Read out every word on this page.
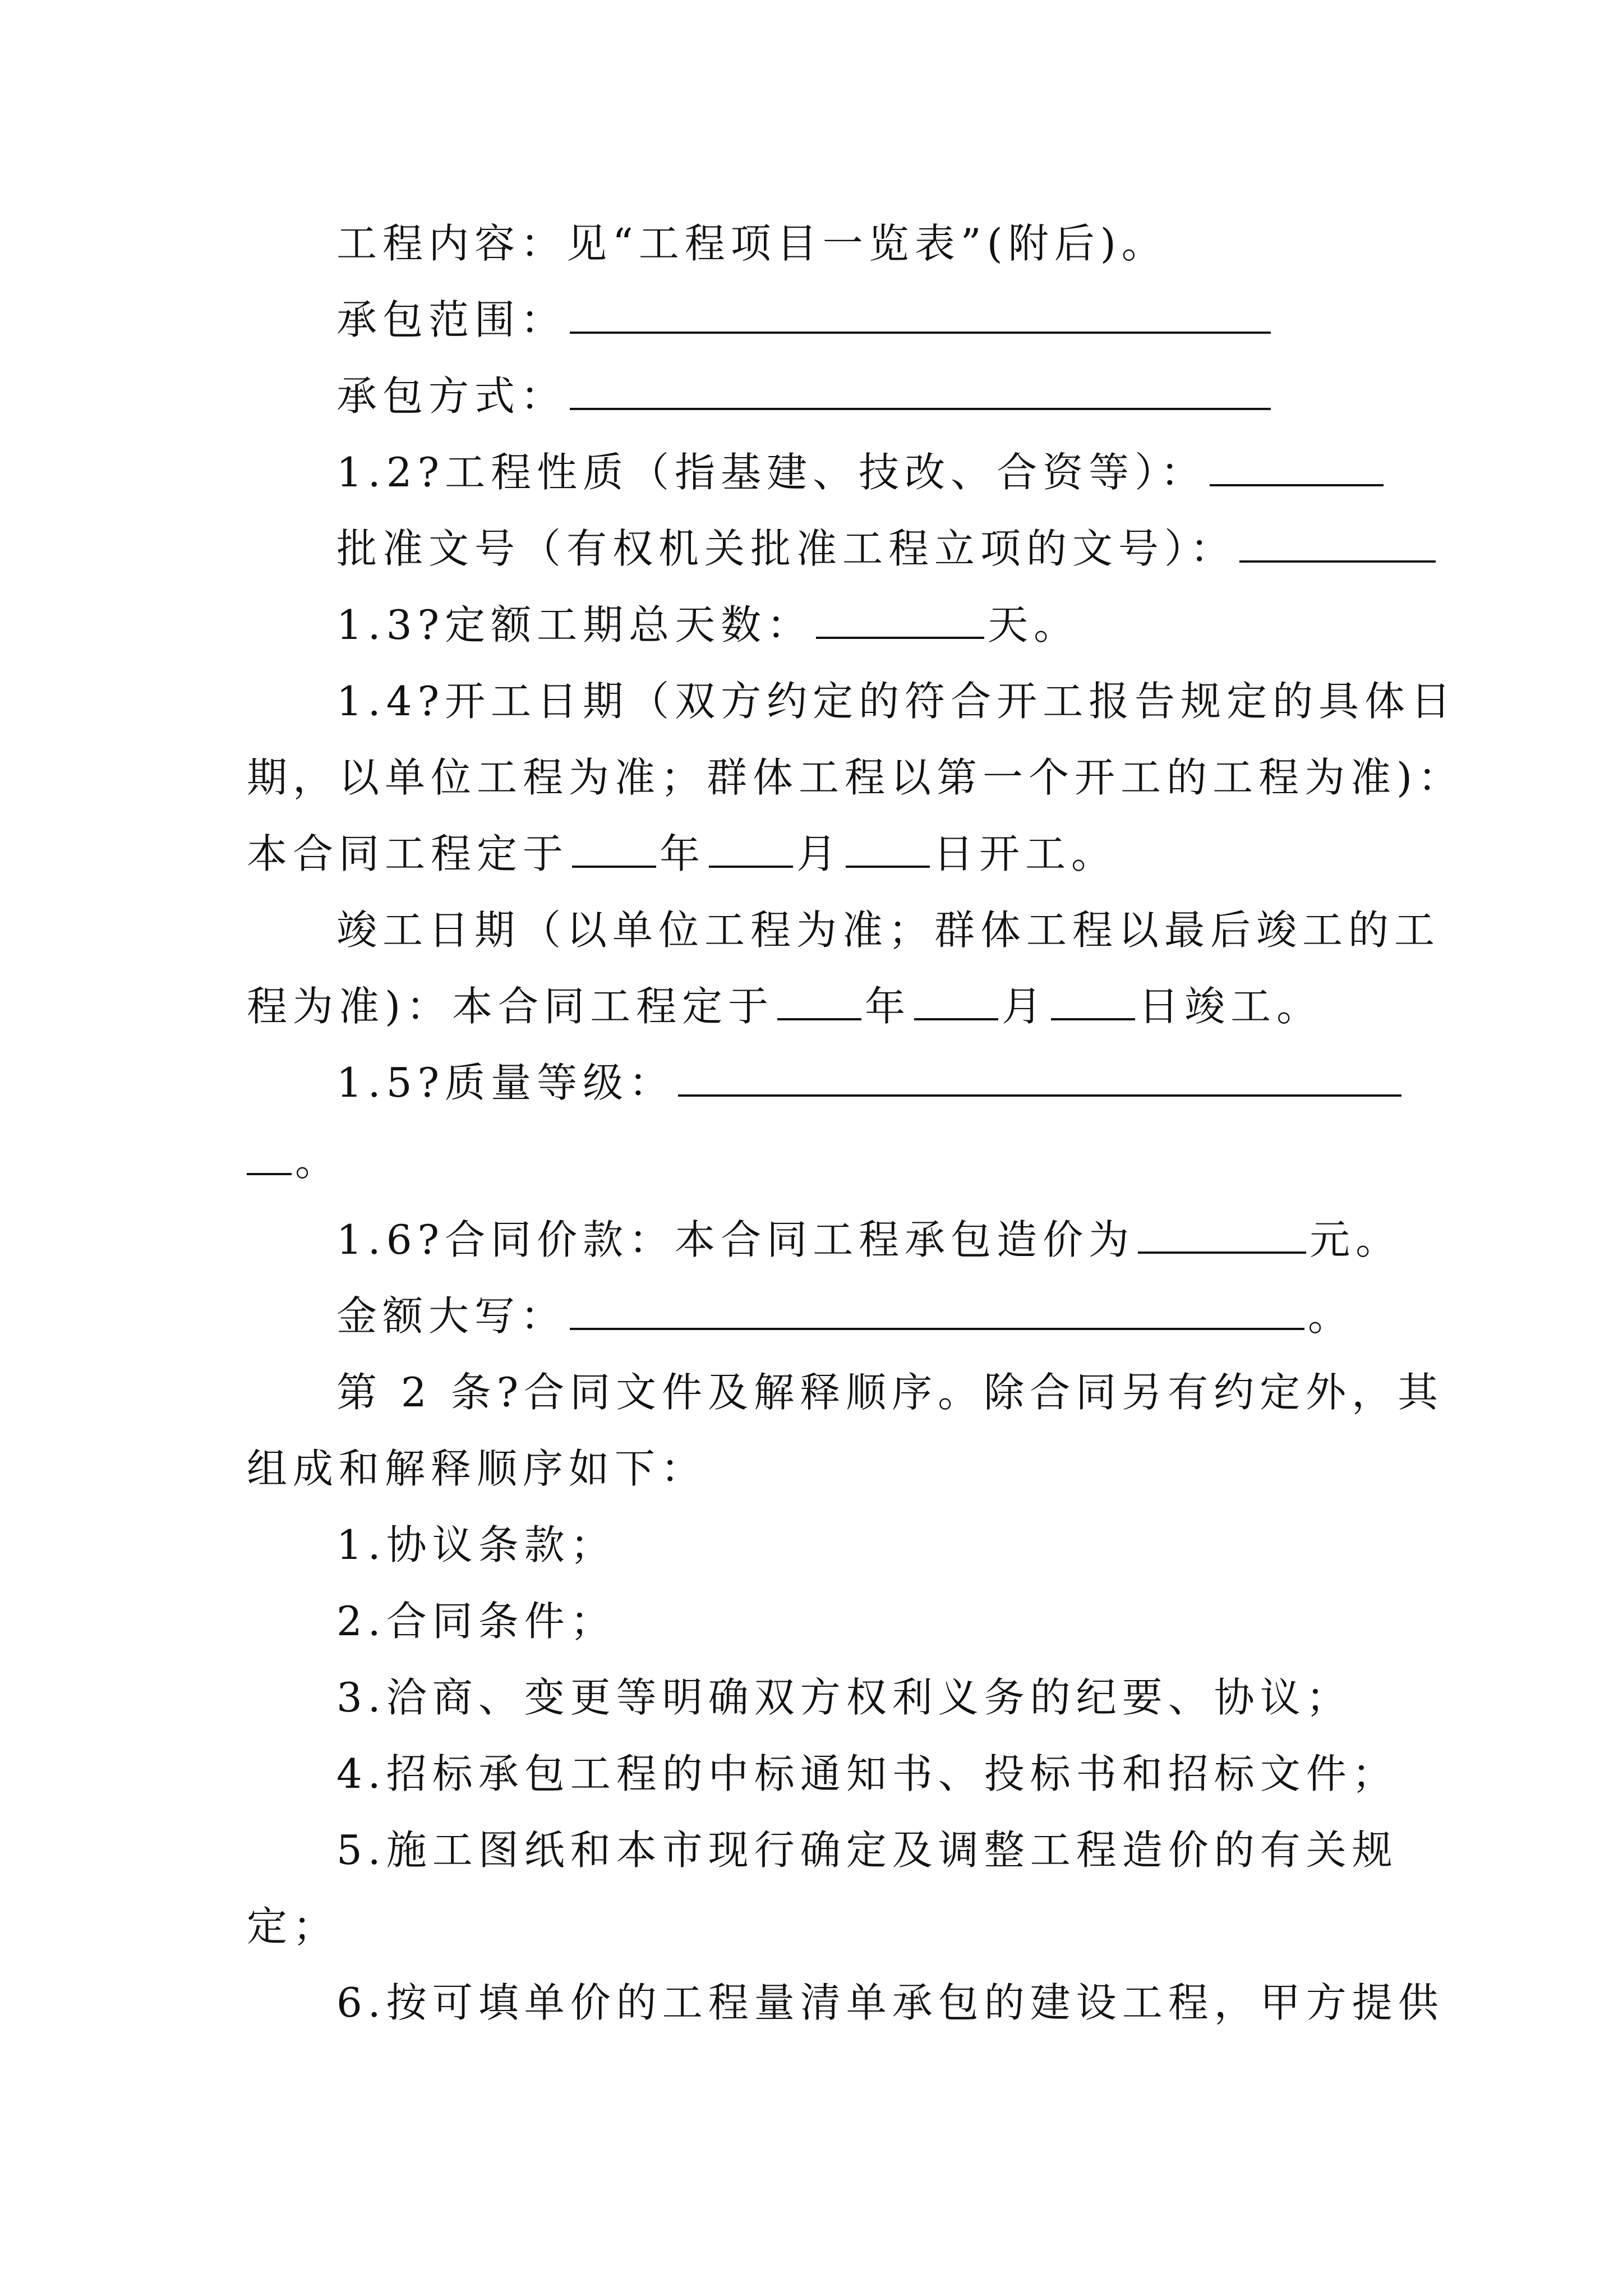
工程内容：见“工程项目一览表”(附后)。
承包范围：
承包方式：
1.2?工程性质（指基建、技改、合资等）：
批准文号（有权机关批准工程立项的文号）：
1.3?定额工期总天数：	天。
1.4?开工日期（双方约定的符合开工报告规定的具体日
期，以单位工程为准；群体工程以第一个开工的工程为准)：
本合同工程定于 年 月 日开工。
竣工日期（以单位工程为准；群体工程以最后竣工的工
程为准)：本合同工程定于 年 月 日竣工。
1.5?质量等级：
。
1.6?合同价款：本合同工程承包造价为	元。
金额大写：	。
第 2 条?合同文件及解释顺序。除合同另有约定外，其
组成和解释顺序如下：
1.协议条款；
2.合同条件；
3.洽商、变更等明确双方权利义务的纪要、协议；
4.招标承包工程的中标通知书、投标书和招标文件；
5.施工图纸和本市现行确定及调整工程造价的有关规
定；
6.按可填单价的工程量清单承包的建设工程，甲方提供
